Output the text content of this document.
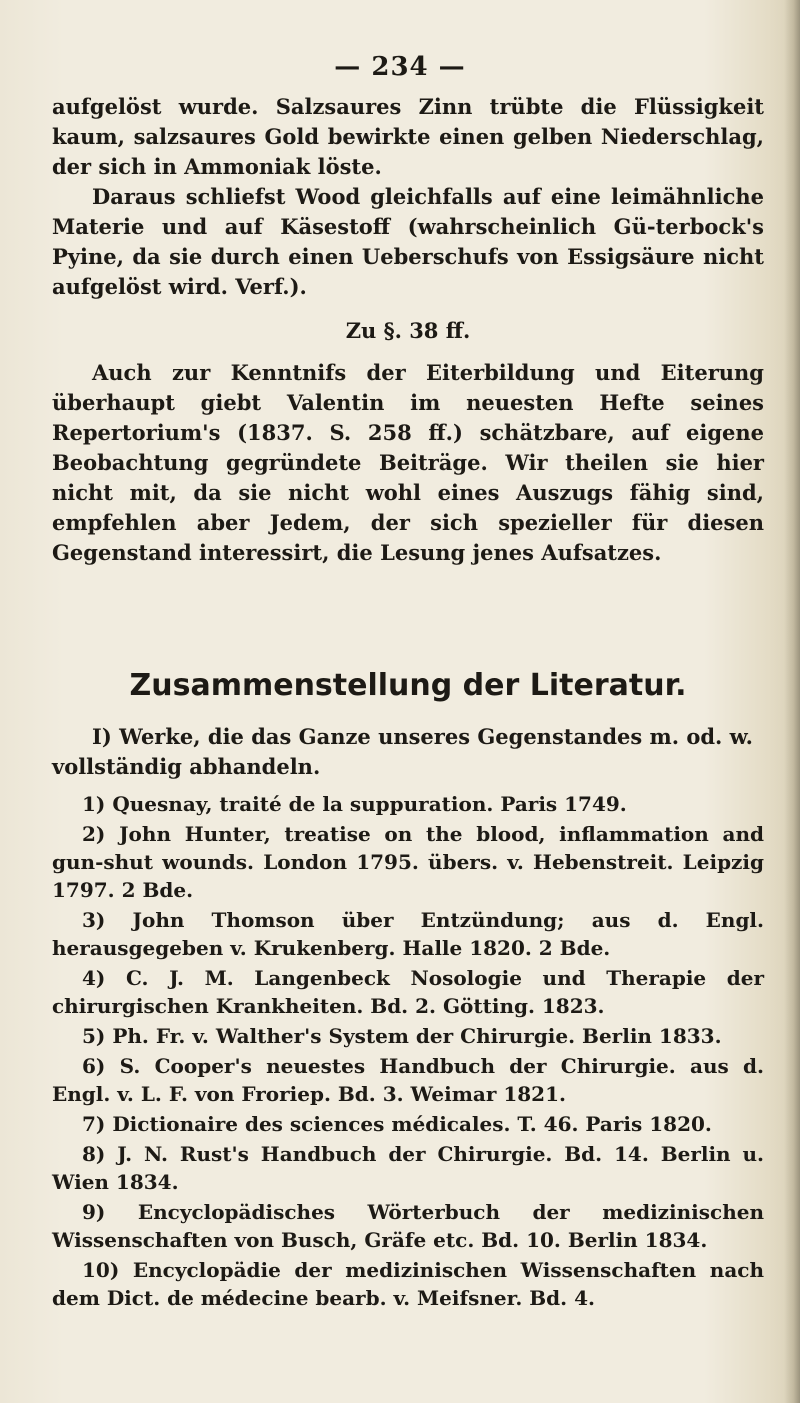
— 234 —

aufgelöst wurde. Salzsaures Zinn trübte die Flüssigkeit kaum, salzsaures Gold bewirkte einen gelben Niederschlag, der sich in Ammoniak löste.

Daraus schliefst Wood gleichfalls auf eine leimähnliche Materie und auf Käsestoff (wahrscheinlich Gü-terbock's Pyine, da sie durch einen Ueberschufs von Essigsäure nicht aufgelöst wird. Verf.).

Zu §. 38 ff.

Auch zur Kenntnifs der Eiterbildung und Eiterung überhaupt giebt Valentin im neuesten Hefte seines Repertorium's (1837. S. 258 ff.) schätzbare, auf eigene Beobachtung gegründete Beiträge. Wir theilen sie hier nicht mit, da sie nicht wohl eines Auszugs fähig sind, empfehlen aber Jedem, der sich spezieller für diesen Gegenstand interessirt, die Lesung jenes Aufsatzes.

Zusammenstellung der Literatur.
I) Werke, die das Ganze unseres Gegenstandes m. od. w. vollständig abhandeln.

1) Quesnay, traité de la suppuration. Paris 1749.

2) John Hunter, treatise on the blood, inflammation and gun-shut wounds. London 1795. übers. v. Hebenstreit. Leipzig 1797. 2 Bde.

3) John Thomson über Entzündung; aus d. Engl. herausgegeben v. Krukenberg. Halle 1820. 2 Bde.

4) C. J. M. Langenbeck Nosologie und Therapie der chirurgischen Krankheiten. Bd. 2. Götting. 1823.

5) Ph. Fr. v. Walther's System der Chirurgie. Berlin 1833.

6) S. Cooper's neuestes Handbuch der Chirurgie. aus d. Engl. v. L. F. von Froriep. Bd. 3. Weimar 1821.

7) Dictionaire des sciences médicales. T. 46. Paris 1820.

8) J. N. Rust's Handbuch der Chirurgie. Bd. 14. Berlin u. Wien 1834.

9) Encyclopädisches Wörterbuch der medizinischen Wissenschaften von Busch, Gräfe etc. Bd. 10. Berlin 1834.

10) Encyclopädie der medizinischen Wissenschaften nach dem Dict. de médecine bearb. v. Meifsner. Bd. 4.
